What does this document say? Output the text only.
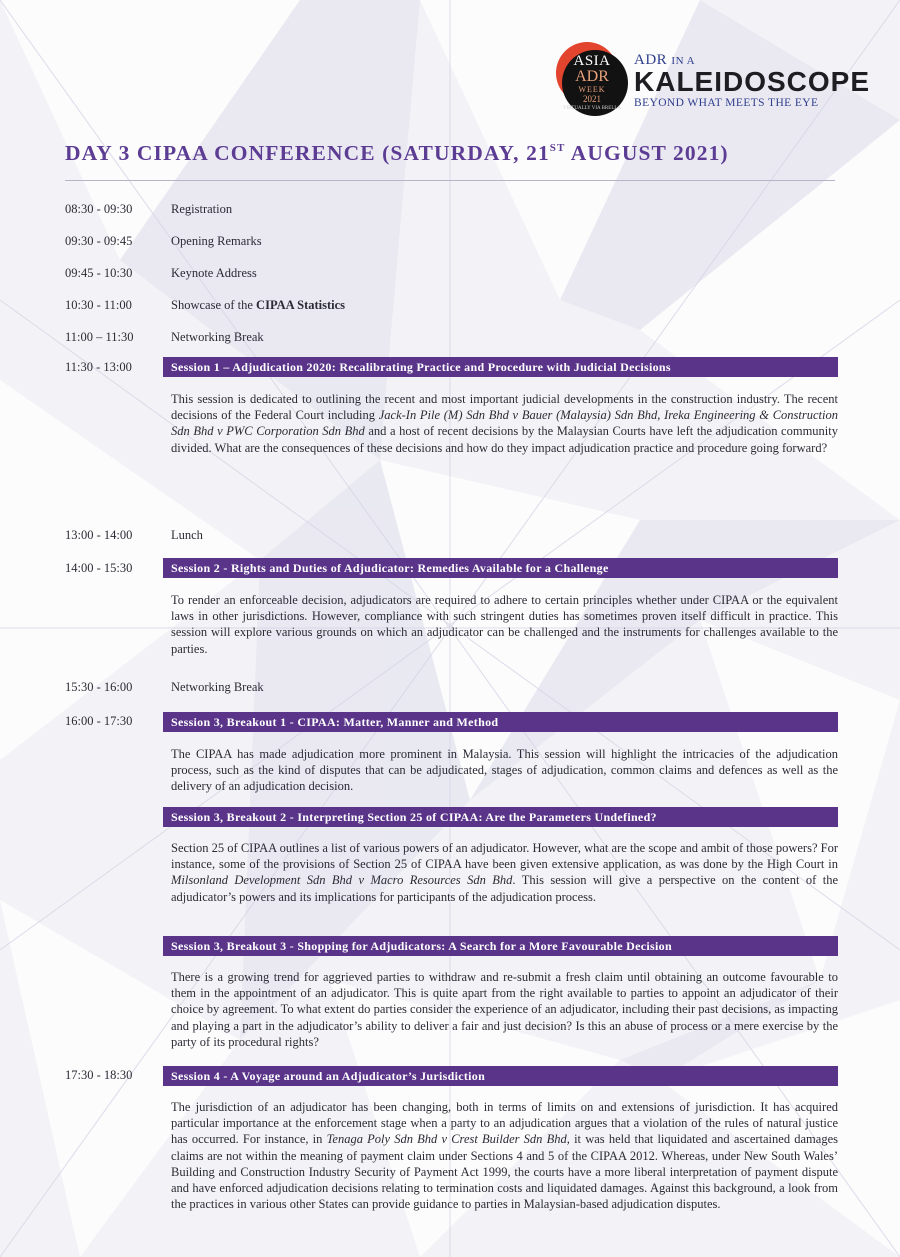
ASIA
ADR
WEEK
2021
VIRTUALLY VIA BRELLA
ADR IN A
KALEIDOSCOPE
BEYOND WHAT MEETS THE EYE
DAY 3 CIPAA CONFERENCE (SATURDAY, 21ST AUGUST 2021)
08:30 - 09:30	Registration
09:30 - 09:45	Opening Remarks
09:45 - 10:30	Keynote Address
10:30 - 11:00	Showcase of the CIPAA Statistics
11:00 – 11:30	Networking Break
11:30 - 13:00	Session 1 – Adjudication 2020: Recalibrating Practice and Procedure with Judicial Decisions

This session is dedicated to outlining the recent and most important judicial developments in the construction industry. The recent decisions of the Federal Court including Jack-In Pile (M) Sdn Bhd v Bauer (Malaysia) Sdn Bhd, Ireka Engineering & Construction Sdn Bhd v PWC Corporation Sdn Bhd and a host of recent decisions by the Malaysian Courts have left the adjudication community divided. What are the consequences of these decisions and how do they impact adjudication practice and procedure going forward?

13:00 - 14:00	Lunch
14:00 - 15:30	Session 2 - Rights and Duties of Adjudicator: Remedies Available for a Challenge

To render an enforceable decision, adjudicators are required to adhere to certain principles whether under CIPAA or the equivalent laws in other jurisdictions. However, compliance with such stringent duties has sometimes proven itself difficult in practice. This session will explore various grounds on which an adjudicator can be challenged and the instruments for challenges available to the parties.

15:30 - 16:00	Networking Break
16:00 - 17:30	Session 3, Breakout 1 - CIPAA: Matter, Manner and Method

The CIPAA has made adjudication more prominent in Malaysia. This session will highlight the intricacies of the adjudication process, such as the kind of disputes that can be adjudicated, stages of adjudication, common claims and defences as well as the delivery of an adjudication decision.

Session 3, Breakout 2 - Interpreting Section 25 of CIPAA: Are the Parameters Undefined?

Section 25 of CIPAA outlines a list of various powers of an adjudicator. However, what are the scope and ambit of those powers? For instance, some of the provisions of Section 25 of CIPAA have been given extensive application, as was done by the High Court in Milsonland Development Sdn Bhd v Macro Resources Sdn Bhd. This session will give a perspective on the content of the adjudicator’s powers and its implications for participants of the adjudication process.

Session 3, Breakout 3 - Shopping for Adjudicators: A Search for a More Favourable Decision

There is a growing trend for aggrieved parties to withdraw and re-submit a fresh claim until obtaining an outcome favourable to them in the appointment of an adjudicator. This is quite apart from the right available to parties to appoint an adjudicator of their choice by agreement. To what extent do parties consider the experience of an adjudicator, including their past decisions, as impacting and playing a part in the adjudicator’s ability to deliver a fair and just decision? Is this an abuse of process or a mere exercise by the party of its procedural rights?

17:30 - 18:30	Session 4 - A Voyage around an Adjudicator’s Jurisdiction

The jurisdiction of an adjudicator has been changing, both in terms of limits on and extensions of jurisdiction. It has acquired particular importance at the enforcement stage when a party to an adjudication argues that a violation of the rules of natural justice has occurred. For instance, in Tenaga Poly Sdn Bhd v Crest Builder Sdn Bhd, it was held that liquidated and ascertained damages claims are not within the meaning of payment claim under Sections 4 and 5 of the CIPAA 2012. Whereas, under New South Wales’ Building and Construction Industry Security of Payment Act 1999, the courts have a more liberal interpretation of payment dispute and have enforced adjudication decisions relating to termination costs and liquidated damages. Against this background, a look from the practices in various other States can provide guidance to parties in Malaysian-based adjudication disputes.
